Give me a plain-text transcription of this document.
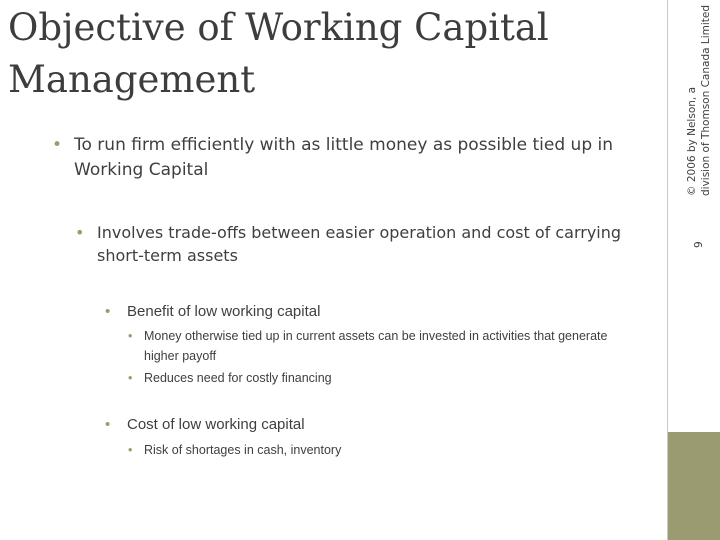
9
© 2006 by Nelson, a division of Thomson Canada Limited
Objective of Working Capital Management
• To run firm efficiently with as little money as possible tied up in Working Capital
• Involves trade-offs between easier operation and cost of carrying short-term assets
• Benefit of low working capital
• Money otherwise tied up in current assets can be invested in activities that generate higher payoff
• Reduces need for costly financing
• Cost of low working capital
• Risk of shortages in cash, inventory
